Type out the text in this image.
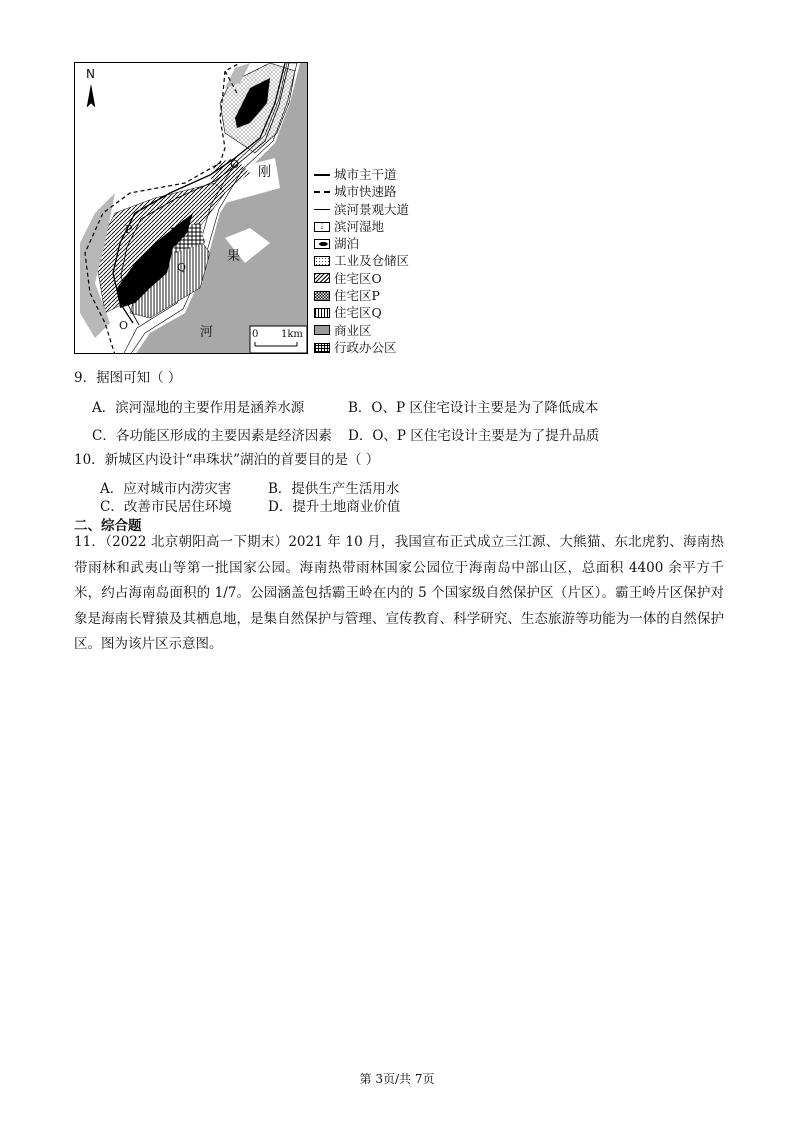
N
O
P
Q
O
刚
果
河	0 1km
城市主干道
城市快速路
滨河景观大道
⇣ 滨河湿地
湖泊
工业及仓储区
住宅区O
住宅区P
住宅区Q
商业区
行政办公区
9．据图可知（ ）
A．滨河湿地的主要作用是涵养水源	B．O、P 区住宅设计主要是为了降低成本
C．各功能区形成的主要因素是经济因素 D．O、P 区住宅设计主要是为了提升品质
10．新城区内设计“串珠状”湖泊的首要目的是（ ）
A．应对城市内涝灾害	B．提供生产生活用水
C．改善市民居住环境	D．提升土地商业价值
二、综合题
11．（2022 北京朝阳高一下期末）2021 年 10 月，我国宣布正式成立三江源、大熊猫、东北虎豹、海南热带雨林和武夷山等第一批国家公园。海南热带雨林国家公园位于海南岛中部山区，总面积 4400 余平方千米，约占海南岛面积的 1/7。公园涵盖包括霸王岭在内的 5 个国家级自然保护区（片区）。霸王岭片区保护对象是海南长臂猿及其栖息地，是集自然保护与管理、宣传教育、科学研究、生态旅游等功能为一体的自然保护区。图为该片区示意图。
第 3页/共 7页
